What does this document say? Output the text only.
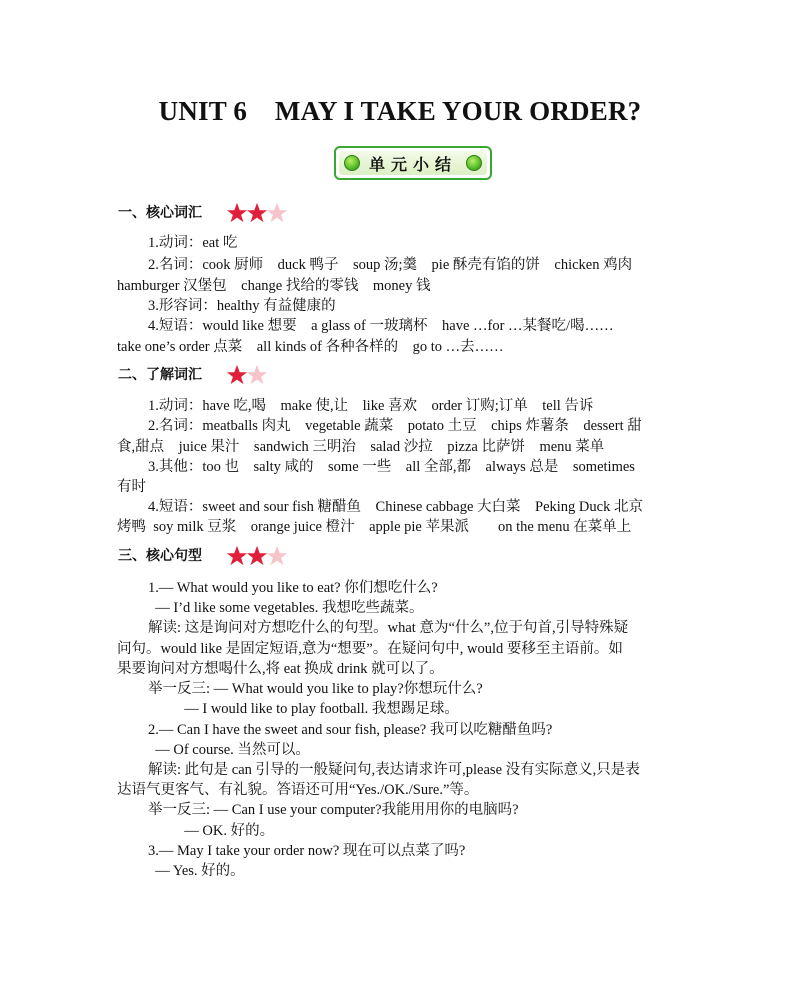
UNIT 6    MAY I TAKE YOUR ORDER?
单元小结
一、核心词汇
1.动词：eat 吃
2.名词：cook 厨师    duck 鸭子    soup 汤;羹    pie 酥壳有馅的饼    chicken 鸡肉
hamburger 汉堡包    change 找给的零钱    money 钱
3.形容词：healthy 有益健康的
4.短语：would like 想要    a glass of 一玻璃杯    have …for …某餐吃/喝……
take one’s order 点菜    all kinds of 各种各样的    go to …去……
二、了解词汇
1.动词：have 吃,喝    make 使,让    like 喜欢    order 订购;订单    tell 告诉
2.名词：meatballs 肉丸    vegetable 蔬菜    potato 土豆    chips 炸薯条    dessert 甜
食,甜点    juice 果汁    sandwich 三明治    salad 沙拉    pizza 比萨饼    menu 菜单
3.其他：too 也    salty 咸的    some 一些    all 全部,都    always 总是    sometimes
有时
4.短语：sweet and sour fish 糖醋鱼    Chinese cabbage 大白菜    Peking Duck 北京
烤鸭  soy milk 豆浆    orange juice 橙汁    apple pie 苹果派        on the menu 在菜单上
三、核心句型
1.— What would you like to eat? 你们想吃什么?
— I’d like some vegetables. 我想吃些蔬菜。
解读: 这是询问对方想吃什么的句型。what 意为“什么”,位于句首,引导特殊疑
问句。would like 是固定短语,意为“想要”。在疑问句中, would 要移至主语前。如
果要询问对方想喝什么,将 eat 换成 drink 就可以了。
举一反三: — What would you like to play?你想玩什么?
— I would like to play football. 我想踢足球。
2.— Can I have the sweet and sour fish, please? 我可以吃糖醋鱼吗?
— Of course. 当然可以。
解读: 此句是 can 引导的一般疑问句,表达请求许可,please 没有实际意义,只是表
达语气更客气、有礼貌。答语还可用“Yes./OK./Sure.”等。
举一反三: — Can I use your computer?我能用用你的电脑吗?
— OK. 好的。
3.— May I take your order now? 现在可以点菜了吗?
— Yes. 好的。
